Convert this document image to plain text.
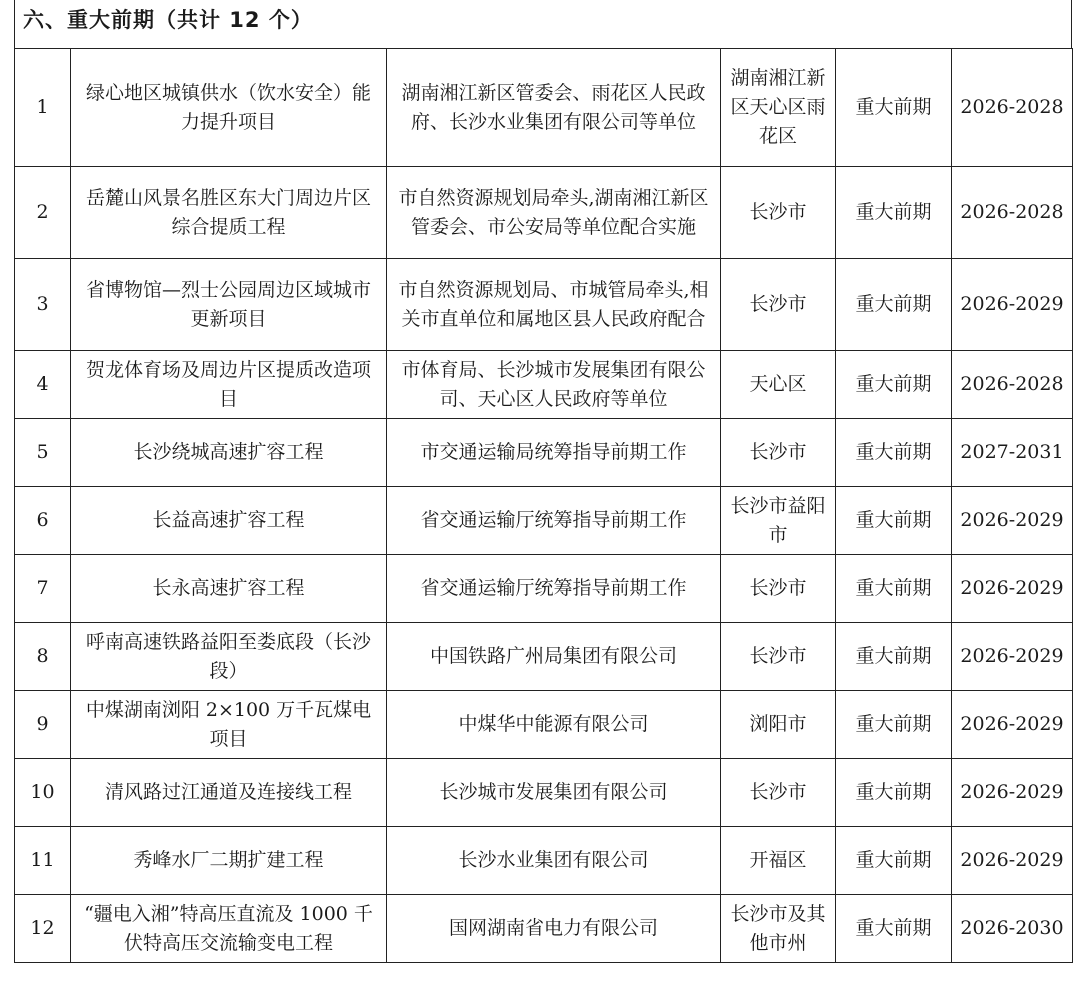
六、重大前期（共计 12 个）
1	绿心地区城镇供水（饮水安全）能力提升项目	湖南湘江新区管委会、雨花区人民政府、长沙水业集团有限公司等单位	湖南湘江新区天心区雨花区	重大前期	2026-2028
2	岳麓山风景名胜区东大门周边片区综合提质工程	市自然资源规划局牵头,湖南湘江新区管委会、市公安局等单位配合实施	长沙市	重大前期	2026-2028
3	省博物馆—烈士公园周边区域城市更新项目	市自然资源规划局、市城管局牵头,相关市直单位和属地区县人民政府配合	长沙市	重大前期	2026-2029
4	贺龙体育场及周边片区提质改造项目	市体育局、长沙城市发展集团有限公司、天心区人民政府等单位	天心区	重大前期	2026-2028
5	长沙绕城高速扩容工程	市交通运输局统筹指导前期工作	长沙市	重大前期	2027-2031
6	长益高速扩容工程	省交通运输厅统筹指导前期工作	长沙市益阳市	重大前期	2026-2029
7	长永高速扩容工程	省交通运输厅统筹指导前期工作	长沙市	重大前期	2026-2029
8	呼南高速铁路益阳至娄底段（长沙段）	中国铁路广州局集团有限公司	长沙市	重大前期	2026-2029
9	中煤湖南浏阳 2×100 万千瓦煤电项目	中煤华中能源有限公司	浏阳市	重大前期	2026-2029
10	清风路过江通道及连接线工程	长沙城市发展集团有限公司	长沙市	重大前期	2026-2029
11	秀峰水厂二期扩建工程	长沙水业集团有限公司	开福区	重大前期	2026-2029
12	“疆电入湘”特高压直流及 1000 千伏特高压交流输变电工程	国网湖南省电力有限公司	长沙市及其他市州	重大前期	2026-2030
